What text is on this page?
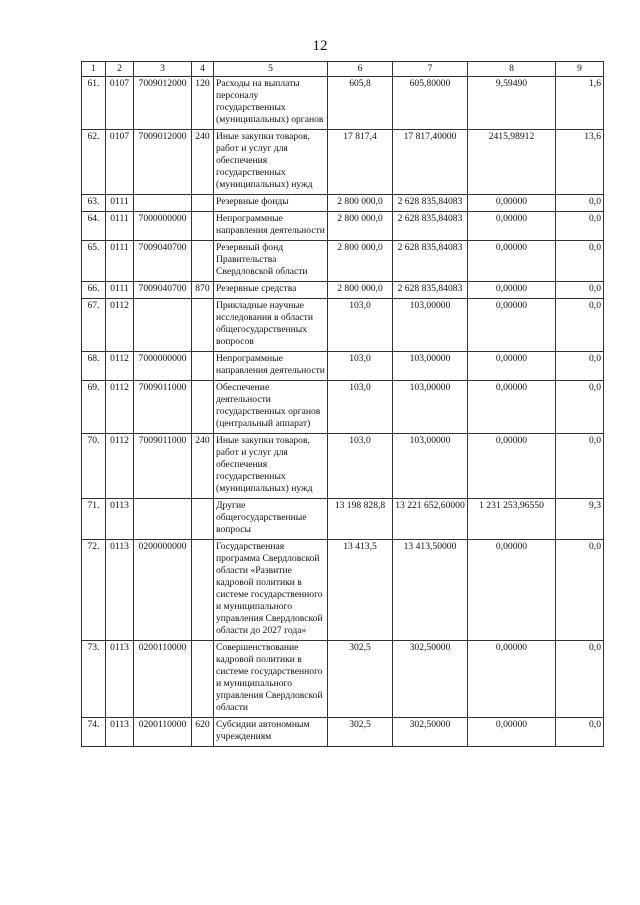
12
1	2	3	4	5	6	7	8	9
61.	0107	7009012000	120	Расходы на выплаты персоналу государственных (муниципальных) органов	605,8	605,80000	9,59490	1,6
62.	0107	7009012000	240	Иные закупки товаров, работ и услуг для обеспечения государственных (муниципальных) нужд	17 817,4	17 817,40000	2415,98912	13,6
63.	0111			Резервные фонды	2 800 000,0	2 628 835,84083	0,00000	0,0
64.	0111	7000000000		Непрограммные направления деятельности	2 800 000,0	2 628 835,84083	0,00000	0,0
65.	0111	7009040700		Резервный фонд Правительства Свердловской области	2 800 000,0	2 628 835,84083	0,00000	0,0
66.	0111	7009040700	870	Резервные средства	2 800 000,0	2 628 835,84083	0,00000	0,0
67.	0112			Прикладные научные исследования в области общегосударственных вопросов	103,0	103,00000	0,00000	0,0
68.	0112	7000000000		Непрограммные направления деятельности	103,0	103,00000	0,00000	0,0
69.	0112	7009011000		Обеспечение деятельности государственных органов (центральный аппарат)	103,0	103,00000	0,00000	0,0
70.	0112	7009011000	240	Иные закупки товаров, работ и услуг для обеспечения государственных (муниципальных) нужд	103,0	103,00000	0,00000	0,0
71.	0113			Другие общегосударственные вопросы	13 198 828,8	13 221 652,60000	1 231 253,96550	9,3
72.	0113	0200000000		Государственная программа Свердловской области «Развитие кадровой политики в системе государственного и муниципального управления Свердловской области до 2027 года»	13 413,5	13 413,50000	0,00000	0,0
73.	0113	0200110000		Совершенствование кадровой политики в системе государственного и муниципального управления Свердловской области	302,5	302,50000	0,00000	0,0
74.	0113	0200110000	620	Субсидии автономным учреждениям	302,5	302,50000	0,00000	0,0
